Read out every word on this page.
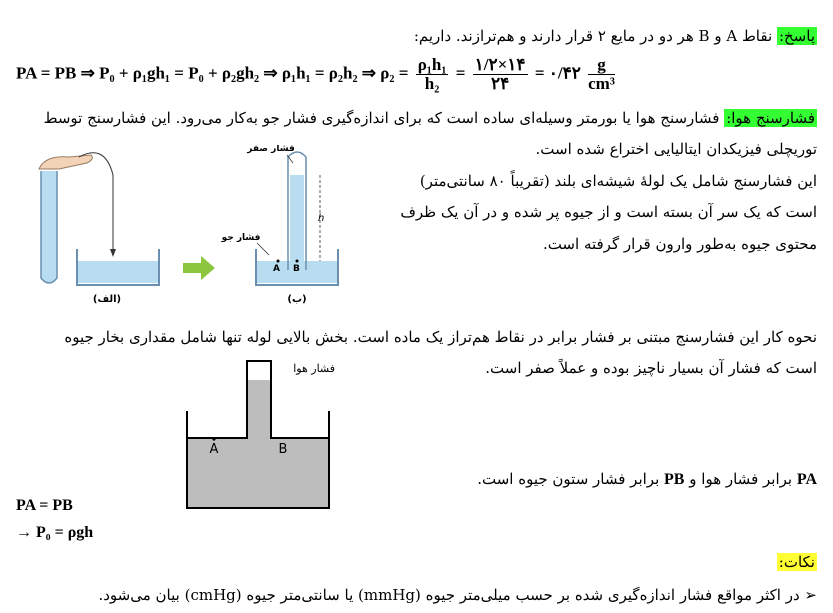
پاسخ: نقاط A و B هر دو در مایع ۲ قرار دارند و هم‌ترازند. داریم:
PA = PB ⇒ P₀ + ρ₁gh₁ = P₀ + ρ₂gh₂ ⇒ ρ₁h₁ = ρ₂h₂ ⇒ $\rho_2 = \frac{\text{ρ₁h₁}}{\text{h₂}} = \frac{۱/۲\times ۱۴}{۲۴}$ = ۰/۴۲ $\frac{g}{\text{cm³}}$
فشارسنج هوا: فشارسنج هوا یا بورمتر وسیله‌ای ساده است که برای اندازه‌گیری فشار جو به‌کار می‌رود. این فشارسنج توسط
توریچلی فیزیکدان ایتالیایی اختراع شده است.
این فشارسنج شامل یک لولهٔ شیشه‌ای بلند (تقریباً ۸۰ سانتی‌متر)
است که یک سر آن بسته است و از جیوه پر شده و در آن یک ظرف
محتوی جیوه به‌طور وارون قرار گرفته است.
(الف)
h
فشار صفر
فشار جو
A B
(ب)
نحوه کار این فشارسنج مبتنی بر فشار برابر در نقاط هم‌تراز یک ماده است. بخش بالایی لوله تنها شامل مقداری بخار جیوه
است که فشار آن بسیار ناچیز بوده و عملاً صفر است.
A	B
فشار هوا
PA برابر فشار هوا و PB برابر فشار ستون جیوه است.
PA = PB
→ P₀ = ρgh
نکات:
➢ در اکثر مواقع فشار اندازه‌گیری شده بر حسب میلی‌متر جیوه (mmHg) یا سانتی‌متر جیوه (cmHg) بیان می‌شود.
